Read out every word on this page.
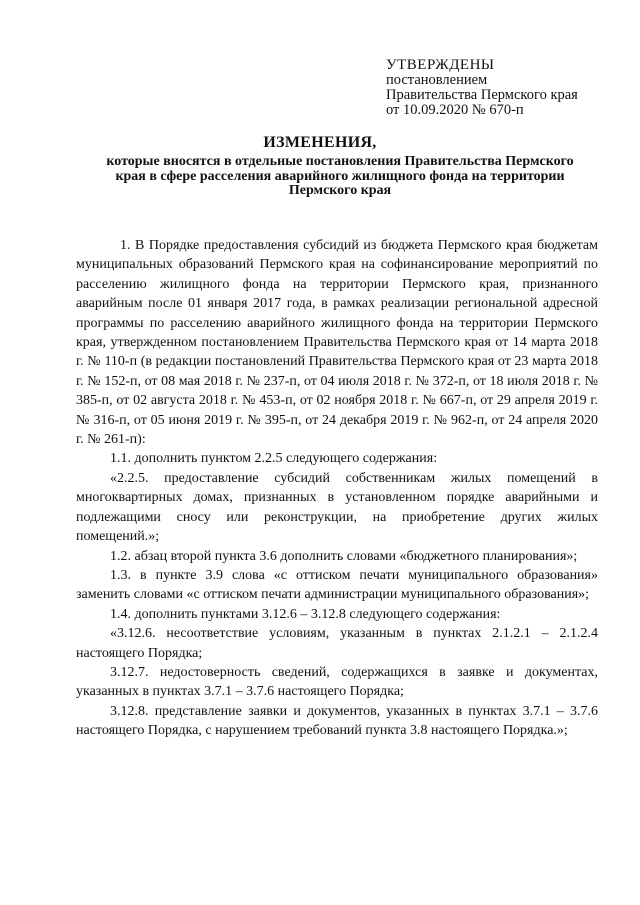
УТВЕРЖДЕНЫ
постановлением
Правительства Пермского края
от 10.09.2020 № 670-п
ИЗМЕНЕНИЯ,
которые вносятся в отдельные постановления Правительства Пермского края в сфере расселения аварийного жилищного фонда на территории Пермского края

1. В Порядке предоставления субсидий из бюджета Пермского края бюджетам муниципальных образований Пермского края на софинансирование мероприятий по расселению жилищного фонда на территории Пермского края, признанного аварийным после 01 января 2017 года, в рамках реализации региональной адресной программы по расселению аварийного жилищного фонда на территории Пермского края, утвержденном постановлением Правительства Пермского края от 14 марта 2018 г. № 110-п (в редакции постановлений Правительства Пермского края от 23 марта 2018 г. № 152-п, от 08 мая 2018 г. № 237-п, от 04 июля 2018 г. № 372-п, от 18 июля 2018 г. № 385-п, от 02 августа 2018 г. № 453-п, от 02 ноября 2018 г. № 667-п, от 29 апреля 2019 г. № 316-п, от 05 июня 2019 г. № 395-п, от 24 декабря 2019 г. № 962-п, от 24 апреля 2020 г. № 261-п):

1.1. дополнить пунктом 2.2.5 следующего содержания:

«2.2.5. предоставление субсидий собственникам жилых помещений в многоквартирных домах, признанных в установленном порядке аварийными и подлежащими сносу или реконструкции, на приобретение других жилых помещений.»;

1.2. абзац второй пункта 3.6 дополнить словами «бюджетного планирования»;

1.3. в пункте 3.9 слова «с оттиском печати муниципального образования» заменить словами «с оттиском печати администрации муниципального образования»;

1.4. дополнить пунктами 3.12.6 – 3.12.8 следующего содержания:

«3.12.6. несоответствие условиям, указанным в пунктах 2.1.2.1 – 2.1.2.4 настоящего Порядка;

3.12.7. недостоверность сведений, содержащихся в заявке и документах, указанных в пунктах 3.7.1 – 3.7.6 настоящего Порядка;

3.12.8. представление заявки и документов, указанных в пунктах 3.7.1 – 3.7.6 настоящего Порядка, с нарушением требований пункта 3.8 настоящего Порядка.»;
